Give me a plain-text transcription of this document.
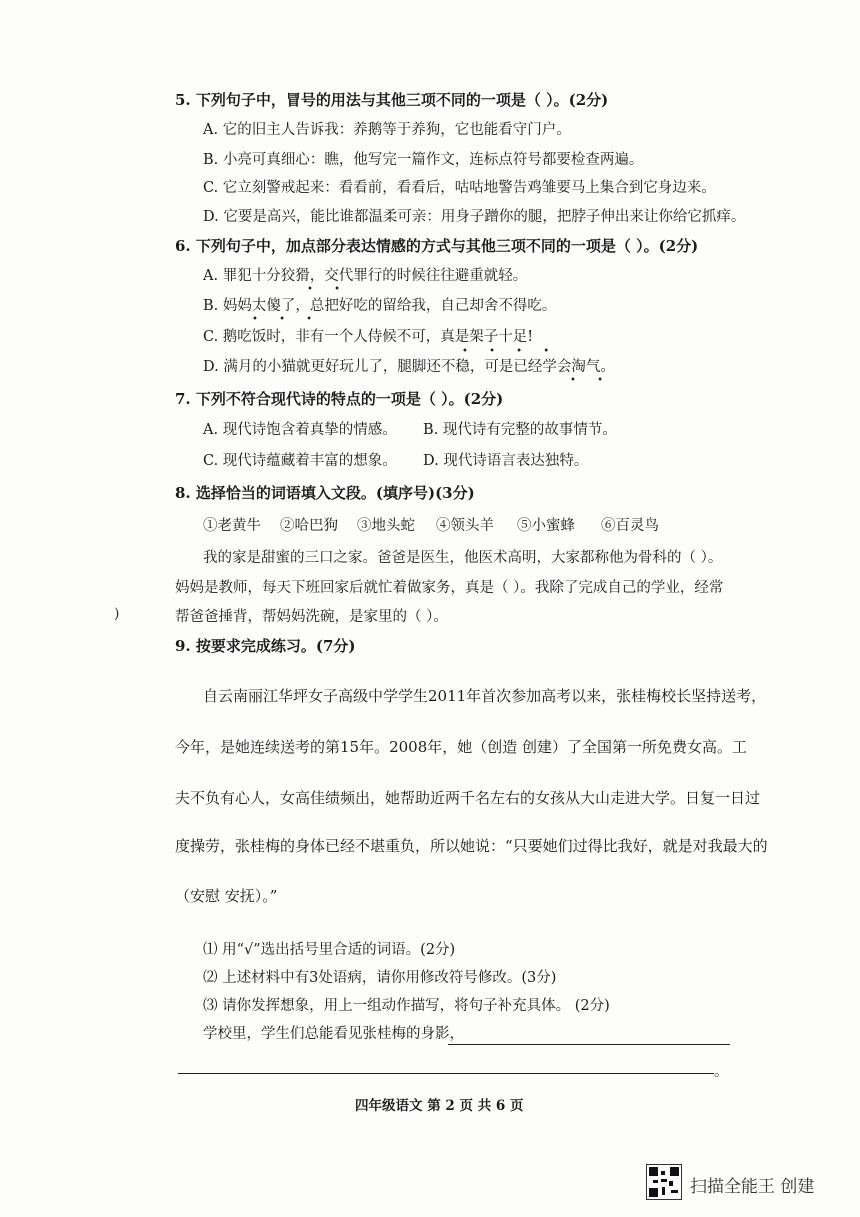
5. 下列句子中，冒号的用法与其他三项不同的一项是（ ）。(2分)
A. 它的旧主人告诉我：养鹅等于养狗，它也能看守门户。
B. 小亮可真细心：瞧，他写完一篇作文，连标点符号都要检查两遍。
C. 它立刻警戒起来：看看前，看看后，咕咕地警告鸡雏要马上集合到它身边来。
D. 它要是高兴，能比谁都温柔可亲：用身子蹭你的腿，把脖子伸出来让你给它抓痒。
6. 下列句子中，加点部分表达情感的方式与其他三项不同的一项是（ ）。(2分)
A. 罪犯十分狡猾，交代罪行的时候往往避重就轻。
• •
B. 妈妈太傻了，总把好吃的留给我，自己却舍不得吃。
• • •
C. 鹅吃饭时，非有一个人侍候不可，真是架子十足!
• • • •
D. 满月的小猫就更好玩儿了，腿脚还不稳，可是已经学会淘气。
• •
7. 下列不符合现代诗的特点的一项是（ ）。(2分)
A. 现代诗饱含着真挚的情感。 B. 现代诗有完整的故事情节。
C. 现代诗蕴藏着丰富的想象。 D. 现代诗语言表达独特。
8. 选择恰当的词语填入文段。(填序号)(3分)
①老黄牛 ②哈巴狗 ③地头蛇 ④领头羊 ⑤小蜜蜂 ⑥百灵鸟
我的家是甜蜜的三口之家。爸爸是医生，他医术高明，大家都称他为骨科的（ ）。
妈妈是教师，每天下班回家后就忙着做家务，真是（ ）。我除了完成自己的学业，经常
帮爸爸捶背，帮妈妈洗碗，是家里的（ ）。
)
9. 按要求完成练习。(7分)
自云南丽江华坪女子高级中学学生2011年首次参加高考以来，张桂梅校长坚持送考，
今年，是她连续送考的第15年。2008年，她（创造 创建）了全国第一所免费女高。工
夫不负有心人，女高佳绩频出，她帮助近两千名左右的女孩从大山走进大学。日复一日过
度操劳，张桂梅的身体已经不堪重负，所以她说：“只要她们过得比我好，就是对我最大的
（安慰 安抚）。”
⑴ 用“√”选出括号里合适的词语。(2分)
⑵ 上述材料中有3处语病，请你用修改符号修改。(3分)
⑶ 请你发挥想象，用上一组动作描写，将句子补充具体。 (2分)
学校里，学生们总能看见张桂梅的身影，
。
四年级语文 第 2 页 共 6 页
扫描全能王 创建
